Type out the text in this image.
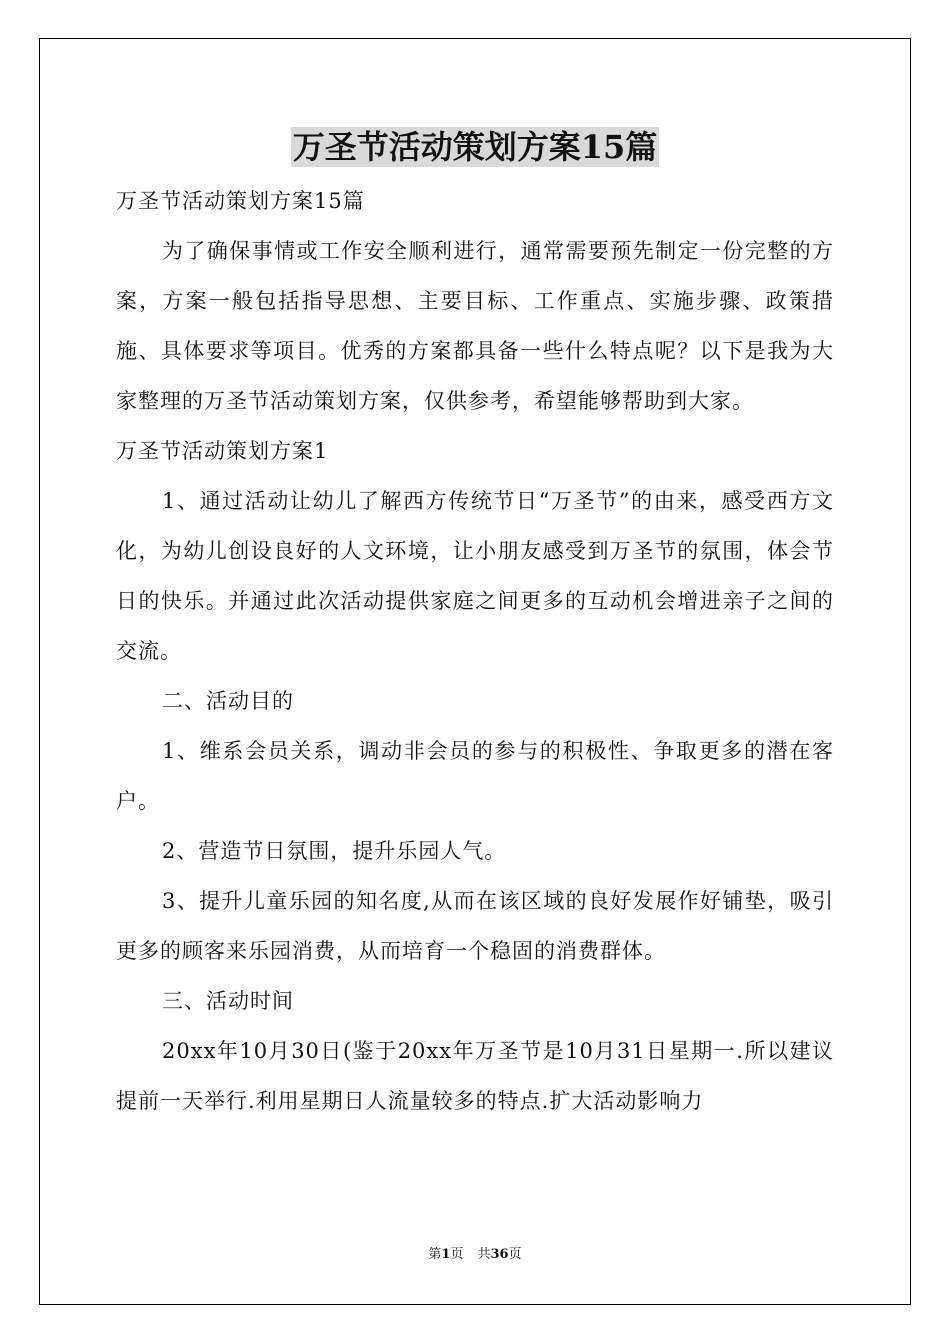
万圣节活动策划方案15篇

万圣节活动策划方案15篇

为了确保事情或工作安全顺利进行，通常需要预先制定一份完整的方案，方案一般包括指导思想、主要目标、工作重点、实施步骤、政策措施、具体要求等项目。优秀的方案都具备一些什么特点呢？以下是我为大家整理的万圣节活动策划方案，仅供参考，希望能够帮助到大家。

万圣节活动策划方案1

1、通过活动让幼儿了解西方传统节日“万圣节”的由来，感受西方文化，为幼儿创设良好的人文环境，让小朋友感受到万圣节的氛围，体会节日的快乐。并通过此次活动提供家庭之间更多的互动机会增进亲子之间的交流。

二、活动目的

1、维系会员关系，调动非会员的参与的积极性、争取更多的潜在客户。

2、营造节日氛围，提升乐园人气。

3、提升儿童乐园的知名度,从而在该区域的良好发展作好铺垫，吸引更多的顾客来乐园消费，从而培育一个稳固的消费群体。

三、活动时间

20xx年10月30日(鉴于20xx年万圣节是10月31日星期一.所以建议提前一天举行.利用星期日人流量较多的特点.扩大活动影响力

第1页 共36页
